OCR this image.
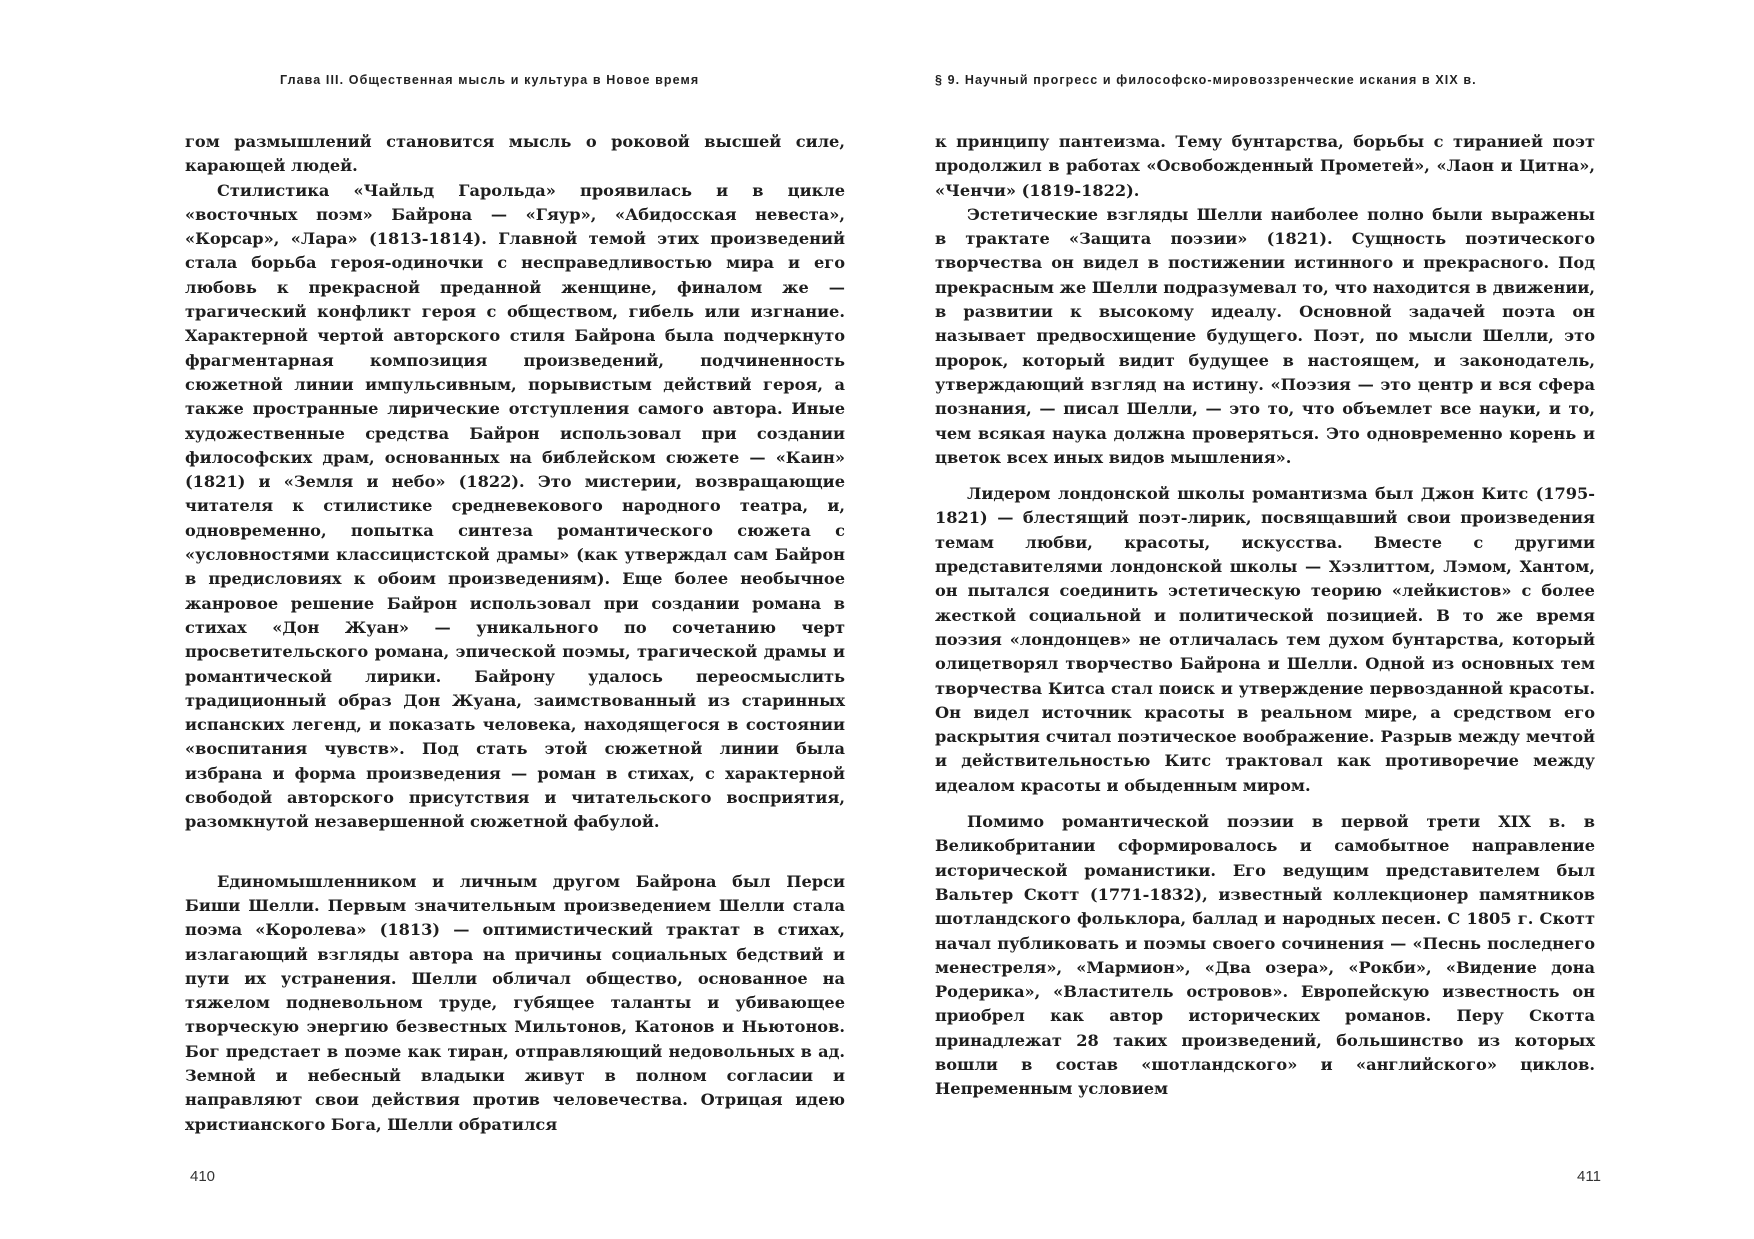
Глава III. Общественная мысль и культура в Новое время

гом размышлений становится мысль о роковой высшей силе, карающей людей.

Стилистика «Чайльд Гарольда» проявилась и в цикле «восточных поэм» Байрона — «Гяур», «Абидосская невеста», «Корсар», «Лара» (1813-1814). Главной темой этих произведений стала борьба героя-одиночки с несправедливостью мира и его любовь к прекрасной преданной женщине, финалом же — трагический конфликт героя с обществом, гибель или изгнание. Характерной чертой авторского стиля Байрона была подчеркнуто фрагментарная композиция произведений, подчиненность сюжетной линии импульсивным, порывистым действий героя, а также пространные лирические отступления самого автора. Иные художественные средства Байрон использовал при создании философских драм, основанных на библейском сюжете — «Каин» (1821) и «Земля и небо» (1822). Это мистерии, возвращающие читателя к стилистике средневекового народного театра, и, одновременно, попытка синтеза романтического сюжета с «условностями классицистской драмы» (как утверждал сам Байрон в предисловиях к обоим произведениям). Еще более необычное жанровое решение Байрон использовал при создании романа в стихах «Дон Жуан» — уникального по сочетанию черт просветительского романа, эпической поэмы, трагической драмы и романтической лирики. Байрону удалось переосмыслить традиционный образ Дон Жуана, заимствованный из старинных испанских легенд, и показать человека, находящегося в состоянии «воспитания чувств». Под стать этой сюжетной линии была избрана и форма произведения — роман в стихах, с характерной свободой авторского присутствия и читательского восприятия, разомкнутой незавершенной сюжетной фабулой.

Единомышленником и личным другом Байрона был Перси Биши Шелли. Первым значительным произведением Шелли стала поэма «Королева» (1813) — оптимистический трактат в стихах, излагающий взгляды автора на причины социальных бедствий и пути их устранения. Шелли обличал общество, основанное на тяжелом подневольном труде, губящее таланты и убивающее творческую энергию безвестных Мильтонов, Катонов и Ньютонов. Бог предстает в поэме как тиран, отправляющий недовольных в ад. Земной и небесный владыки живут в полном согласии и направляют свои действия против человечества. Отрицая идею христианского Бога, Шелли обратился

410
§ 9. Научный прогресс и философско-мировоззренческие искания в XIX в.

к принципу пантеизма. Тему бунтарства, борьбы с тиранией поэт продолжил в работах «Освобожденный Прометей», «Лаон и Цитна», «Ченчи» (1819-1822).

Эстетические взгляды Шелли наиболее полно были выражены в трактате «Защита поэзии» (1821). Сущность поэтического творчества он видел в постижении истинного и прекрасного. Под прекрасным же Шелли подразумевал то, что находится в движении, в развитии к высокому идеалу. Основной задачей поэта он называет предвосхищение будущего. Поэт, по мысли Шелли, это пророк, который видит будущее в настоящем, и законодатель, утверждающий взгляд на истину. «Поэзия — это центр и вся сфера познания, — писал Шелли, — это то, что объемлет все науки, и то, чем всякая наука должна проверяться. Это одновременно корень и цветок всех иных видов мышления».

Лидером лондонской школы романтизма был Джон Китс (1795-1821) — блестящий поэт-лирик, посвящавший свои произведения темам любви, красоты, искусства. Вместе с другими представителями лондонской школы — Хэзлиттом, Лэмом, Хантом, он пытался соединить эстетическую теорию «лейкистов» с более жесткой социальной и политической позицией. В то же время поэзия «лондонцев» не отличалась тем духом бунтарства, который олицетворял творчество Байрона и Шелли. Одной из основных тем творчества Китса стал поиск и утверждение первозданной красоты. Он видел источник красоты в реальном мире, а средством его раскрытия считал поэтическое воображение. Разрыв между мечтой и действительностью Китс трактовал как противоречие между идеалом красоты и обыденным миром.

Помимо романтической поэзии в первой трети XIX в. в Великобритании сформировалось и самобытное направление исторической романистики. Его ведущим представителем был Вальтер Скотт (1771-1832), известный коллекционер памятников шотландского фольклора, баллад и народных песен. С 1805 г. Скотт начал публиковать и поэмы своего сочинения — «Песнь последнего менестреля», «Мармион», «Два озера», «Рокби», «Видение дона Родерика», «Властитель островов». Европейскую известность он приобрел как автор исторических романов. Перу Скотта принадлежат 28 таких произведений, большинство из которых вошли в состав «шотландского» и «английского» циклов. Непременным условием

411
